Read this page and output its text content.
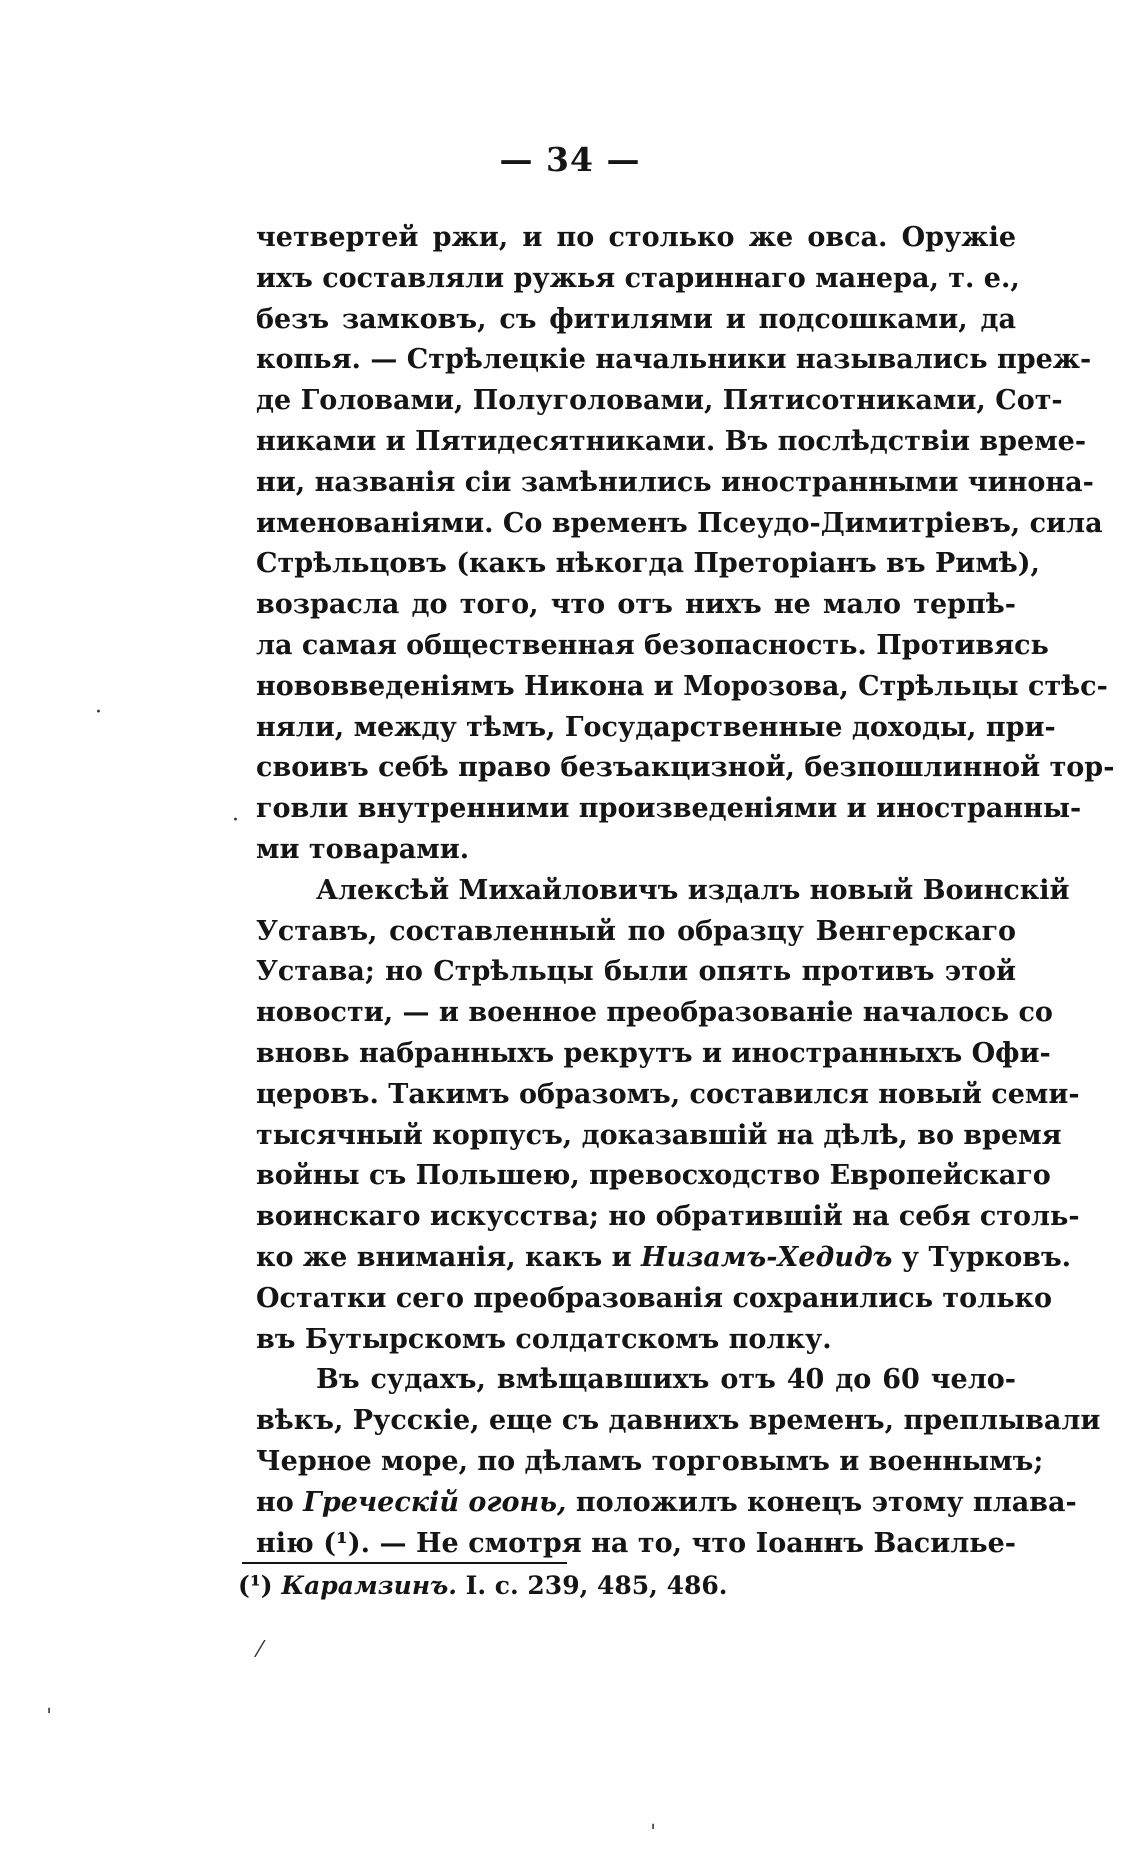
— 34 —
четвертей ржи, и по столько же овса. Оружіе
ихъ составляли ружья стариннаго манера, т. е.,
безъ замковъ, съ фитилями и подсошками, да
копья. — Стрѣлецкіе начальники назывались преж-
де Головами, Полуголовами, Пятисотниками, Сот-
никами и Пятидесятниками. Въ послѣдствіи време-
ни, названія сіи замѣнились иностранными чинона-
именованіями. Со временъ Псеудо-Димитріевъ, сила
Стрѣльцовъ (какъ нѣкогда Преторіанъ въ Римѣ),
возрасла до того, что отъ нихъ не мало терпѣ-
ла самая общественная безопасность. Противясь
нововведеніямъ Никона и Морозова, Стрѣльцы стѣс-
няли, между тѣмъ, Государственные доходы, при-
своивъ себѣ право безъакцизной, безпошлинной тор-
говли внутренними произведеніями и иностранны-
ми товарами.
Алексѣй Михайловичъ издалъ новый Воинскій
Уставъ, составленный по образцу Венгерскаго
Устава; но Стрѣльцы были опять противъ этой
новости, — и военное преобразованіе началось со
вновь набранныхъ рекрутъ и иностранныхъ Офи-
церовъ. Такимъ образомъ, составился новый семи-
тысячный корпусъ, доказавшій на дѣлѣ, во время
войны съ Польшею, превосходство Европейскаго
воинскаго искусства; но обратившій на себя столь-
ко же вниманія, какъ и Низамъ-Хедидъ у Турковъ.
Остатки сего преобразованія сохранились только
въ Бутырскомъ солдатскомъ полку.
Въ судахъ, вмѣщавшихъ отъ 40 до 60 чело-
вѣкъ, Русскіе, еще съ давнихъ временъ, преплывали
Черное море, по дѣламъ торговымъ и военнымъ;
но Греческій огонь, положилъ конецъ этому плава-
нію (¹). — Не смотря на то, что Іоаннъ Василье-
(¹) Карамзинъ. I. с. 239, 485, 486.
·
·
⁄
ˈ
ˈ
